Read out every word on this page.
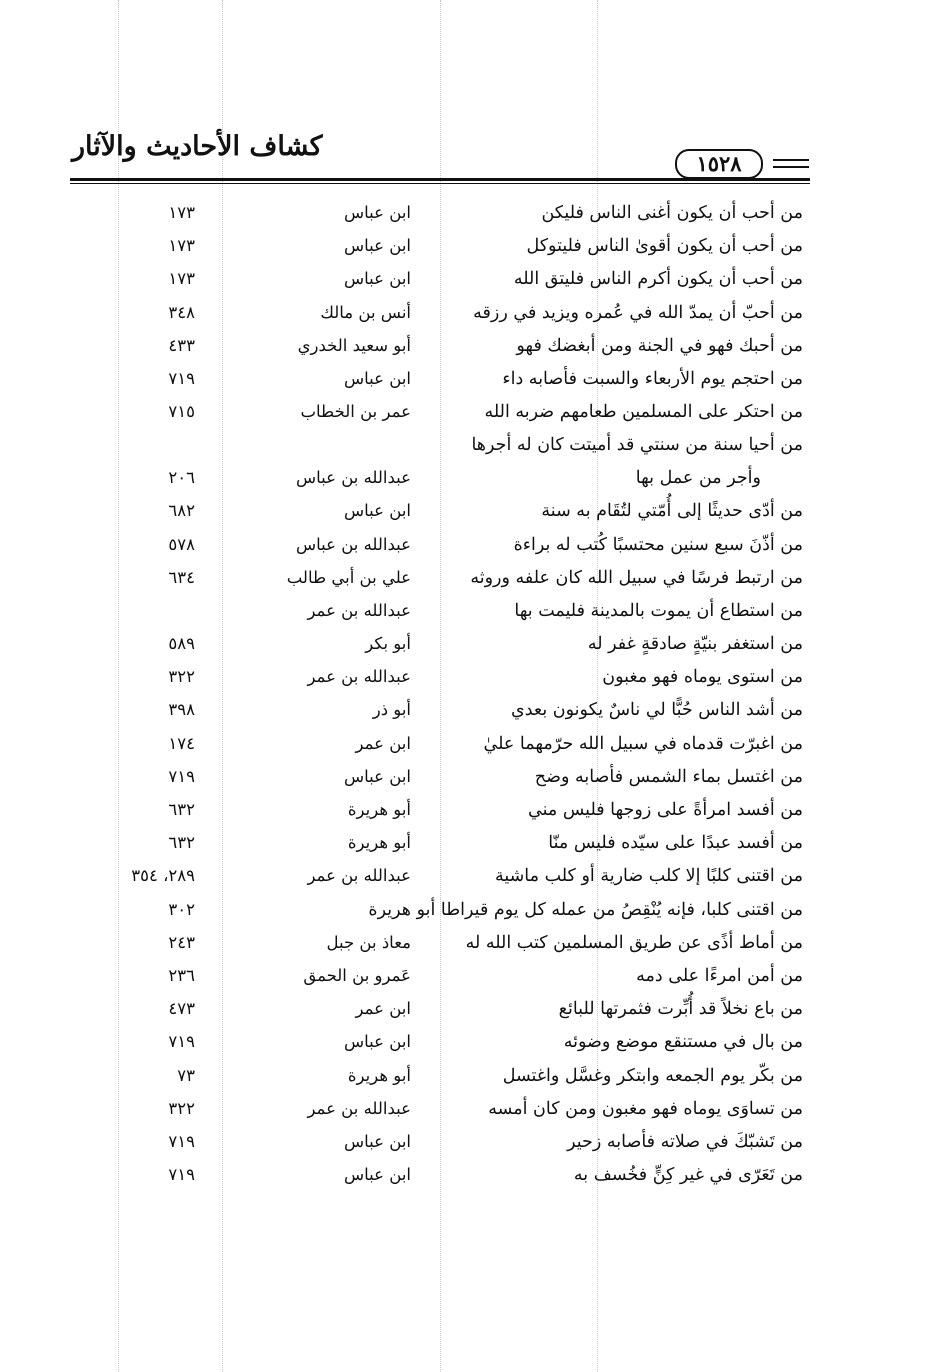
كشاف الأحاديث والآثار
١٥٢٨
من أحب أن يكون أغنى الناس فليكن
ابن عباس
١٧٣
من أحب أن يكون أقوىٰ الناس فليتوكل
ابن عباس
١٧٣
من أحب أن يكون أكرم الناس فليتق الله
ابن عباس
١٧٣
من أحبّ أن يمدّ الله في عُمره ويزيد في رزقه
أنس بن مالك
٣٤٨
من أحبك فهو في الجنة ومن أبغضك فهو
أبو سعيد الخدري
٤٣٣
من احتجم يوم الأربعاء والسبت فأصابه داء
ابن عباس
٧١٩
من احتكر على المسلمين طعامهم ضربه الله
عمر بن الخطاب
٧١٥
من أحيا سنة من سنتي قد أميتت كان له أجرها
وأجر من عمل بها
عبدالله بن عباس
٢٠٦
من أدّى حديثًا إلى أُمّتي لتُقَام به سنة
ابن عباس
٦٨٢
من أذّنَ سبع سنين محتسبًا كُتب له براءة
عبدالله بن عباس
٥٧٨
من ارتبط فرسًا في سبيل الله كان علفه وروثه
علي بن أبي طالب
٦٣٤
من استطاع أن يموت بالمدينة فليمت بها
عبدالله بن عمر
من استغفر بنيّةٍ صادقةٍ غفر له
أبو بكر
٥٨٩
من استوى يوماه فهو مغبون
عبدالله بن عمر
٣٢٢
من أشد الناس حُبًّا لي ناسٌ يكونون بعدي
أبو ذر
٣٩٨
من اغبرّت قدماه في سبيل الله حرّمهما عليٰ
ابن عمر
١٧٤
من اغتسل بماء الشمس فأصابه وضح
ابن عباس
٧١٩
من أفسد امرأةً على زوجها فليس مني
أبو هريرة
٦٣٢
من أفسد عبدًا على سيّده فليس منّا
أبو هريرة
٦٣٢
من اقتنى كلبًا إلا كلب ضارية أو كلب ماشية
عبدالله بن عمر
٢٨٩، ٣٥٤
من اقتنى كلبا، فإنه يُنْقِصُ من عمله كل يوم قيراطا أبو هريرة
٣٠٢
من أماط أذًى عن طريق المسلمين كتب الله له
معاذ بن جبل
٢٤٣
من أمن امرءًا على دمه
عَمرو بن الحمق
٢٣٦
من باع نخلاً قد أُبِّرت فثمرتها للبائع
ابن عمر
٤٧٣
من بال في مستنقع موضع وضوئه
ابن عباس
٧١٩
من بكّر يوم الجمعه وابتكر وغسَّل واغتسل
أبو هريرة
٧٣
من تساوَى يوماه فهو مغبون ومن كان أمسه
عبدالله بن عمر
٣٢٢
من تَشبّكَ في صلاته فأصابه زحير
ابن عباس
٧١٩
من تَعَرّى في غير كِنٍّ فخُسف به
ابن عباس
٧١٩
